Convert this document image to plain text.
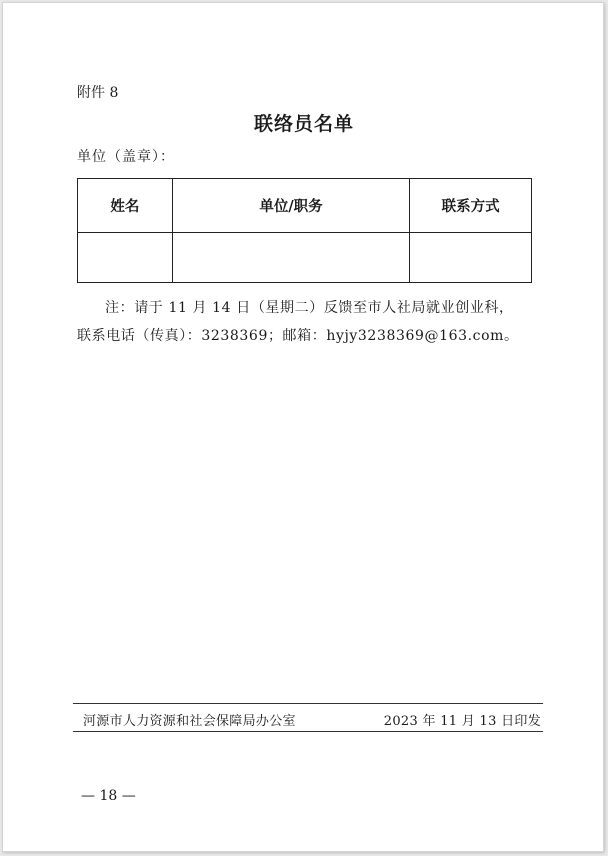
附件 8
联络员名单
单位（盖章）：
姓名	单位/职务	联系方式

注：请于 11 月 14 日（星期二）反馈至市人社局就业创业科，
联系电话（传真）：3238369；邮箱：hyjy3238369@163.com。
河源市人力资源和社会保障局办公室	2023 年 11 月 13 日印发
— 18 —
